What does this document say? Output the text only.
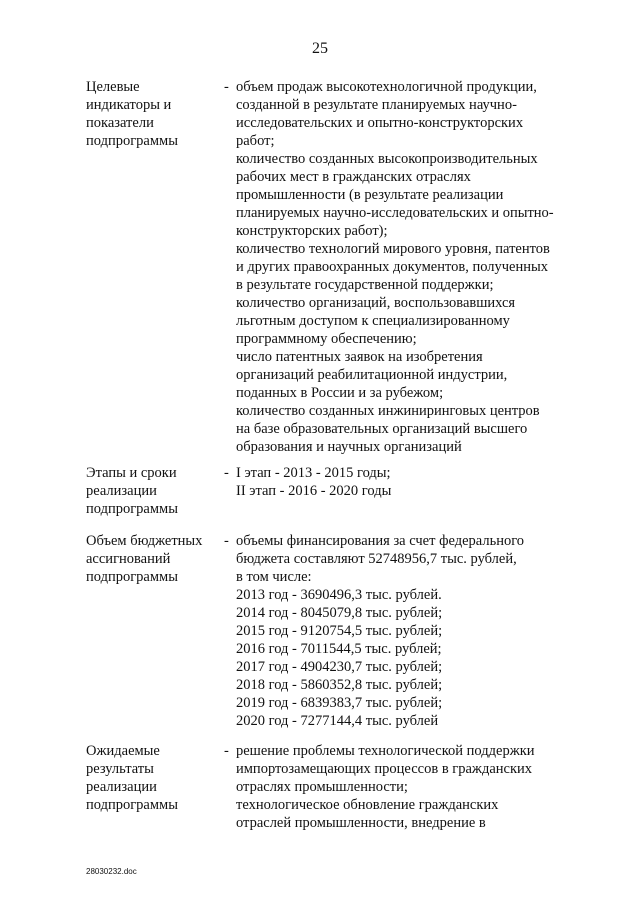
25
Целевые
индикаторы и
показатели
подпрограммы
- объем продаж высокотехнологичной продукции,
созданной в результате планируемых научно-
исследовательских и опытно-конструкторских
работ;
количество созданных высокопроизводительных
рабочих мест в гражданских отраслях
промышленности (в результате реализации
планируемых научно-исследовательских и опытно-
конструкторских работ);
количество технологий мирового уровня, патентов
и других правоохранных документов, полученных
в результате государственной поддержки;
количество организаций, воспользовавшихся
льготным доступом к специализированному
программному обеспечению;
число патентных заявок на изобретения
организаций реабилитационной индустрии,
поданных в России и за рубежом;
количество созданных инжиниринговых центров
на базе образовательных организаций высшего
образования и научных организаций
Этапы и сроки
реализации
подпрограммы
- I этап - 2013 - 2015 годы;
II этап - 2016 - 2020 годы
Объем бюджетных
ассигнований
подпрограммы
- объемы финансирования за счет федерального
бюджета составляют 52748956,7 тыс. рублей,
в том числе:
2013 год - 3690496,3 тыс. рублей.
2014 год - 8045079,8 тыс. рублей;
2015 год - 9120754,5 тыс. рублей;
2016 год - 7011544,5 тыс. рублей;
2017 год - 4904230,7 тыс. рублей;
2018 год - 5860352,8 тыс. рублей;
2019 год - 6839383,7 тыс. рублей;
2020 год - 7277144,4 тыс. рублей
Ожидаемые
результаты
реализации
подпрограммы
- решение проблемы технологической поддержки
импортозамещающих процессов в гражданских
отраслях промышленности;
технологическое обновление гражданских
отраслей промышленности, внедрение в
28030232.doc
